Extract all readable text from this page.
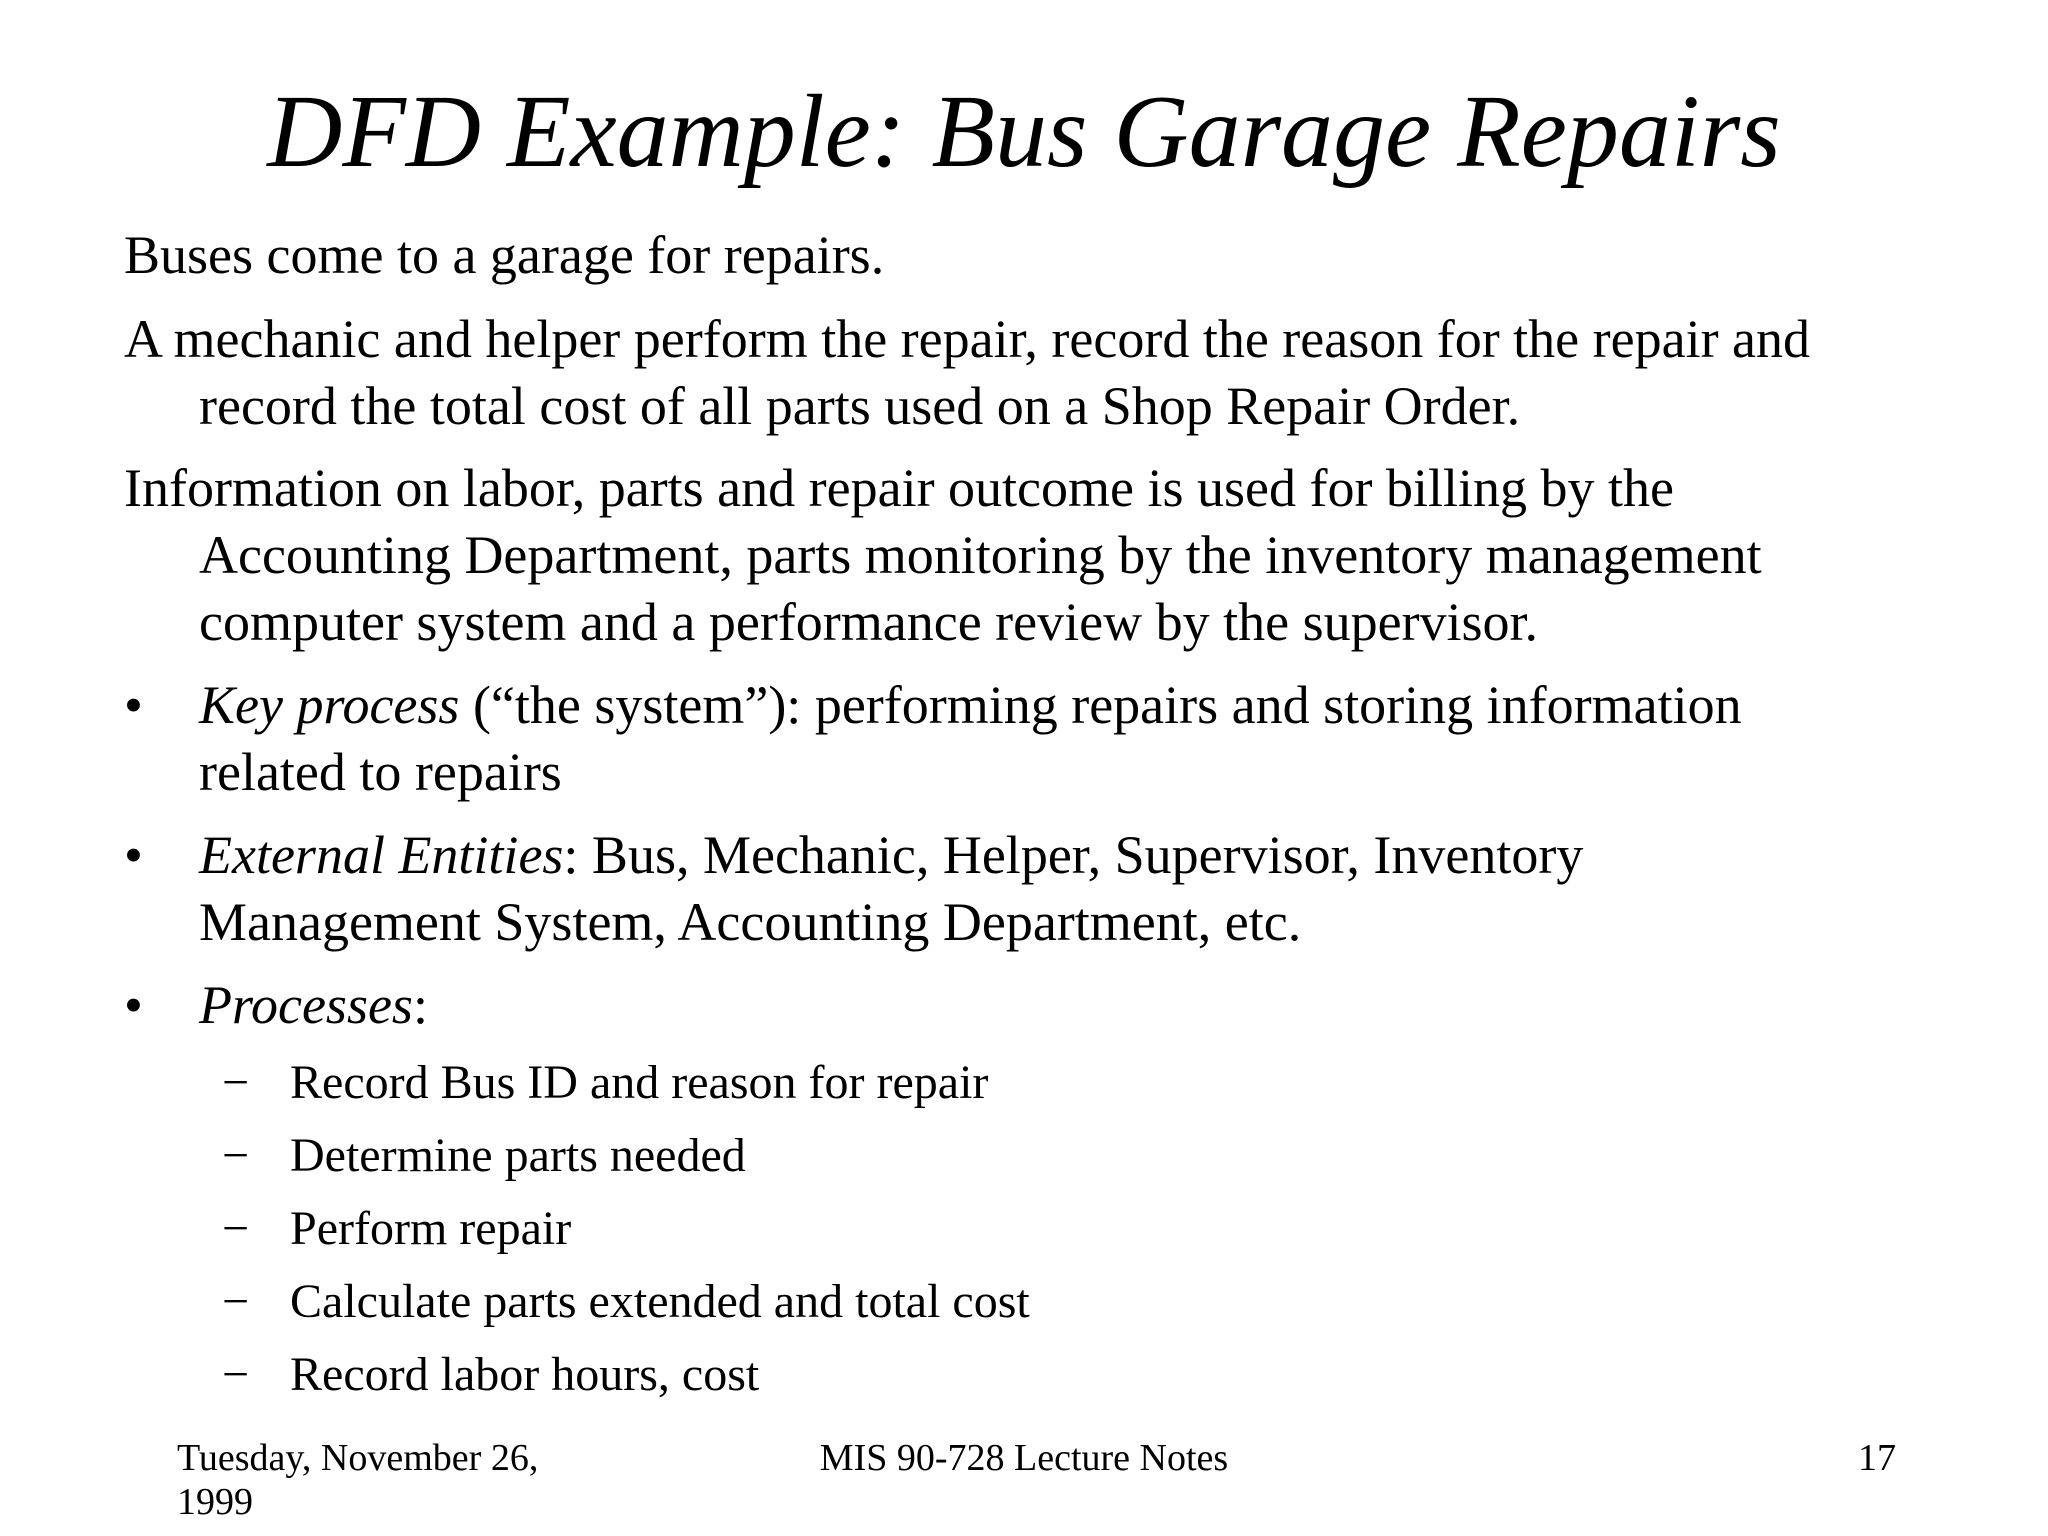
DFD Example: Bus Garage Repairs
Buses come to a garage for repairs.
A mechanic and helper perform the repair, record the reason for the repair and
record the total cost of all parts used on a Shop Repair Order.
Information on labor, parts and repair outcome is used for billing by the
Accounting Department, parts monitoring by the inventory management
computer system and a performance review by the supervisor.
•	Key process (“the system”): performing repairs and storing information
related to repairs
•	External Entities: Bus, Mechanic, Helper, Supervisor, Inventory
Management System, Accounting Department, etc.
•	Processes:
− Record Bus ID and reason for repair
− Determine parts needed
− Perform repair
− Calculate parts extended and total cost
− Record labor hours, cost
MIS 90-728 Lecture Notes
Tuesday, November 26,
1999
17
